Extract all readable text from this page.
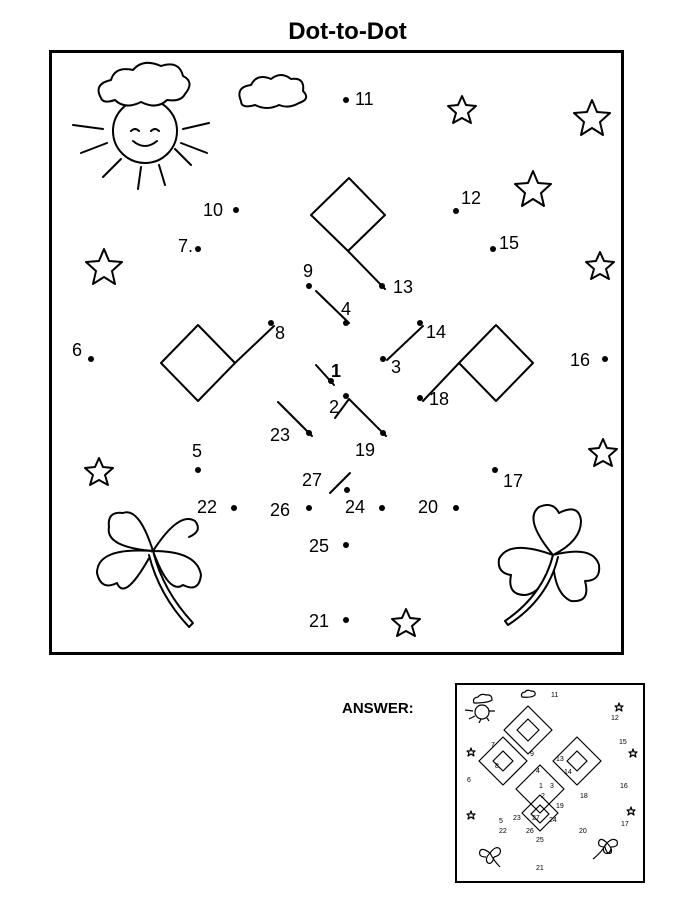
Dot-to-Dot
1
2
3
4
5
6
7.
8
9
10
11
12
13
14
15
16
17
18
19
20
21
22
23
24
25
26
27
ANSWER:
11
12
15
7
9
13
14
6
8
4
1 3	16
2	18
19
23 27
5	24
17
22	26	20
25
21
